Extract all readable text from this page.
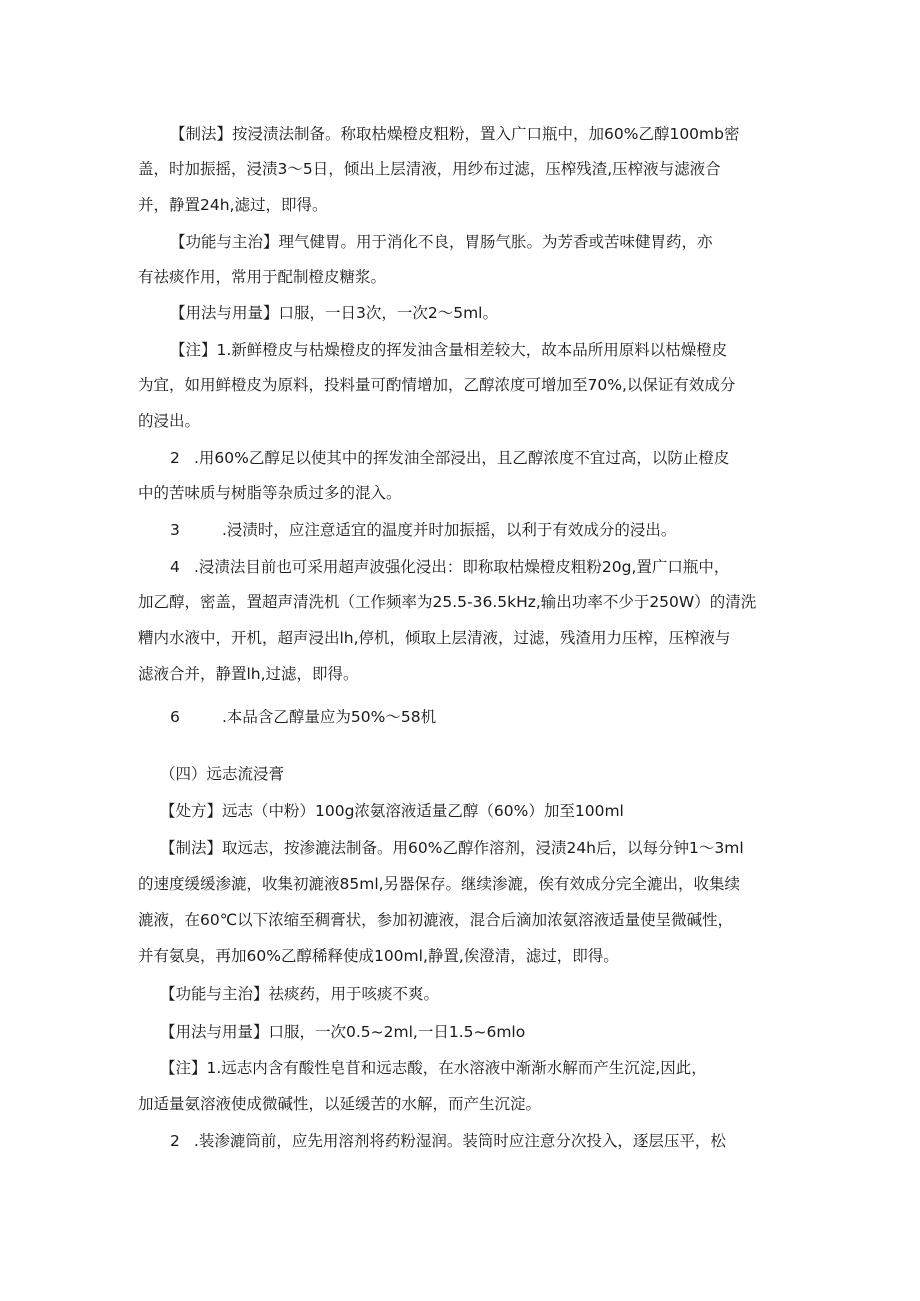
【制法】按浸渍法制备。称取枯燥橙皮粗粉，置入广口瓶中，加60%乙醇100mb密
盖，时加振摇，浸渍3～5日，倾出上层清液，用纱布过滤，压榨残渣,压榨液与滤液合
并，静置24h,滤过，即得。
【功能与主治】理气健胃。用于消化不良，胃肠气胀。为芳香或苦味健胃药，亦
有祛痰作用，常用于配制橙皮糖浆。
【用法与用量】口服，一日3次，一次2～5ml。
【注】1.新鲜橙皮与枯燥橙皮的挥发油含量相差较大，故本品所用原料以枯燥橙皮
为宜，如用鲜橙皮为原料，投料量可酌情增加，乙醇浓度可增加至70%,以保证有效成分
的浸出。
2 .用60%乙醇足以使其中的挥发油全部浸出，且乙醇浓度不宜过高，以防止橙皮
中的苦味质与树脂等杂质过多的混入。
3	.浸渍时，应注意适宜的温度并时加振摇，以利于有效成分的浸出。
4 .浸渍法目前也可采用超声波强化浸出：即称取枯燥橙皮粗粉20g,置广口瓶中，
加乙醇，密盖，置超声清洗机（工作频率为25.5-36.5kHz,输出功率不少于250W）的清洗
糟内水液中，开机，超声浸出lh,停机，倾取上层清液，过滤，残渣用力压榨，压榨液与
滤液合并，静置lh,过滤，即得。
6	.本品含乙醇量应为50%～58机
（四）远志流浸膏
【处方】远志（中粉）100g浓氨溶液适量乙醇（60%）加至100ml
【制法】取远志，按渗漉法制备。用60%乙醇作溶剂，浸渍24h后，以每分钟1～3ml
的速度缓缓渗漉，收集初漉液85ml,另器保存。继续渗漉，俟有效成分完全漉出，收集续
漉液，在60℃以下浓缩至稠膏状，参加初漉液，混合后滴加浓氨溶液适量使呈微碱性，
并有氨臭，再加60%乙醇稀释使成100ml,静置,俟澄清，滤过，即得。
【功能与主治】祛痰药，用于咳痰不爽。
【用法与用量】口服，一次0.5~2ml,一日1.5~6mlo
【注】1.远志内含有酸性皂苜和远志酸，在水溶液中渐渐水解而产生沉淀,因此，
加适量氨溶液使成微碱性，以延缓苦的水解，而产生沉淀。
2 .装渗漉筒前，应先用溶剂将药粉湿润。装筒时应注意分次投入，逐层压平，松
